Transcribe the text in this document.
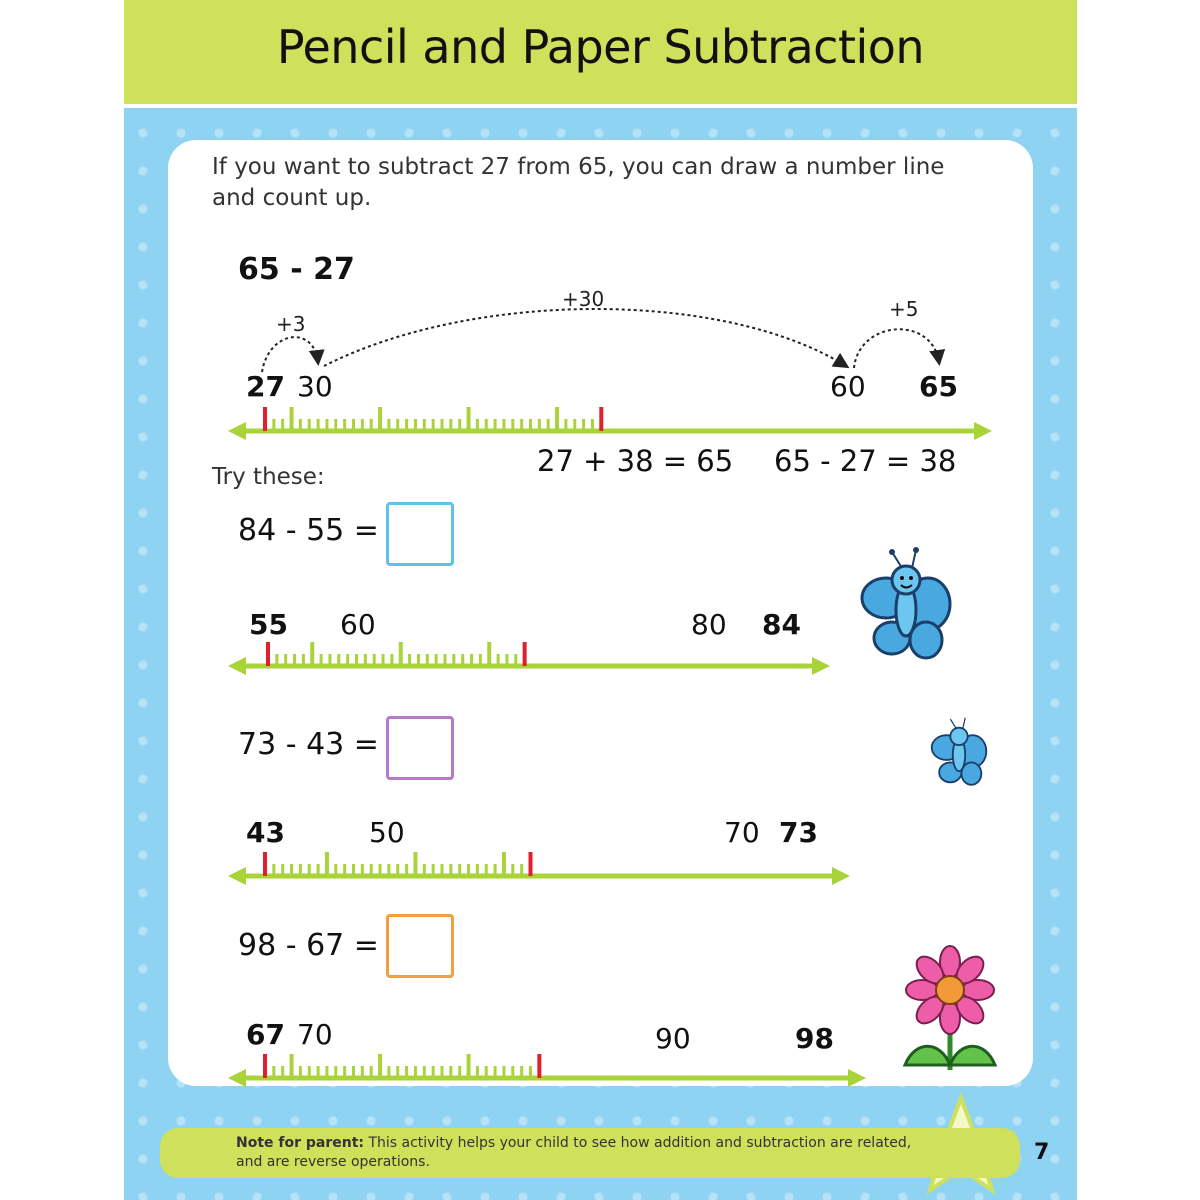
Pencil and Paper Subtraction
If you want to subtract 27 from 65, you can draw a number line and count up.
65 - 27
+3
+30	+5
27 30	60 65
27 + 38 = 65 65 - 27 = 38
Try these:
84 - 55 =
55 60	80 84
73 - 43 =
43	50	70 73
98 - 67 =
67 70	90	98
Note for parent: This activity helps your child to see how addition and subtraction are related, and are reverse operations.	7
